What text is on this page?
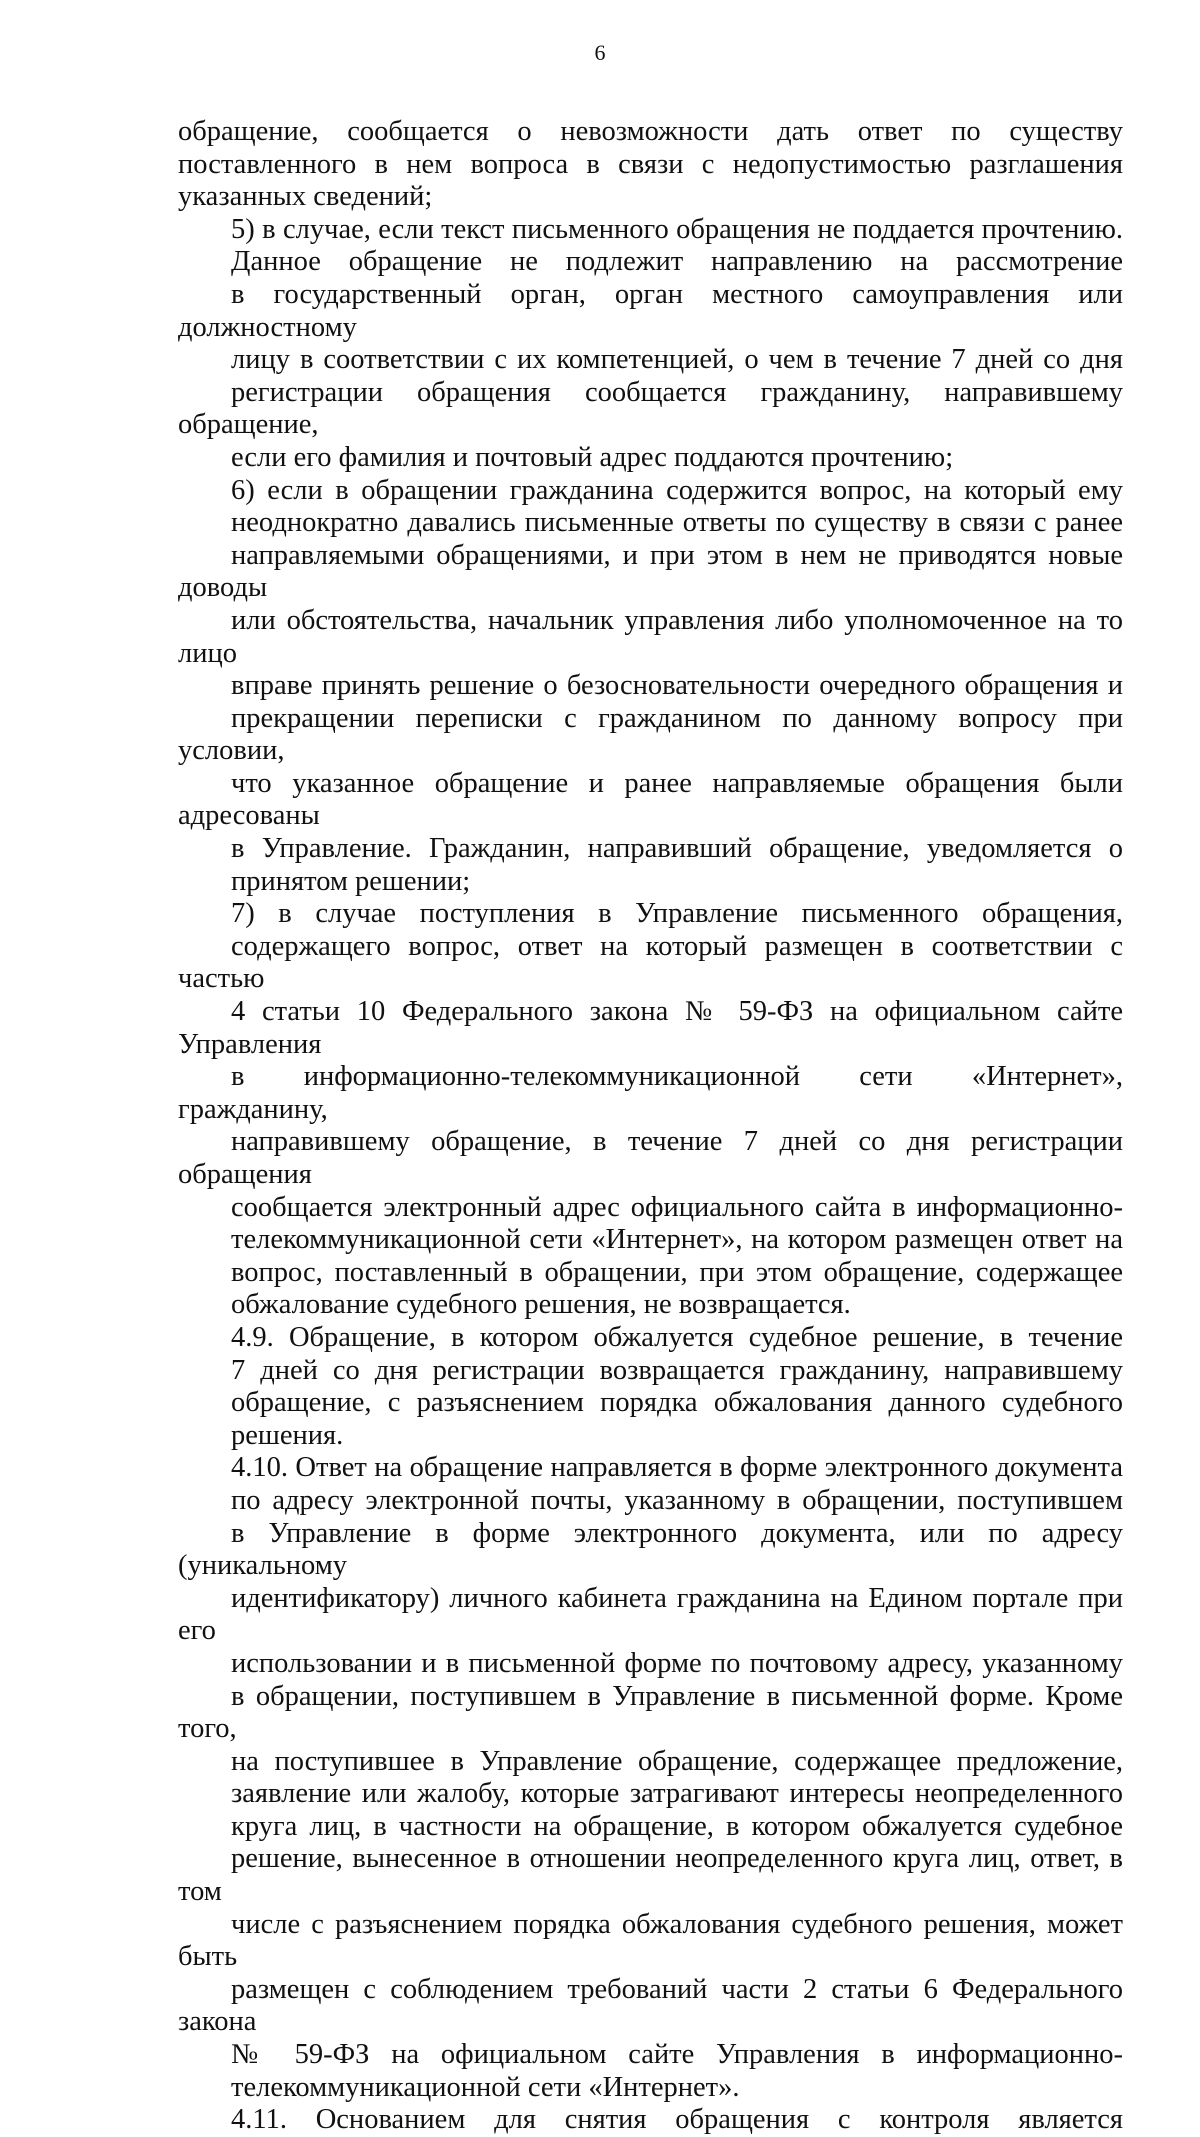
6

обращение, сообщается о невозможности дать ответ по существу
поставленного в нем вопроса в связи с недопустимостью разглашения
указанных сведений;

5) в случае, если текст письменного обращения не поддается прочтению.
Данное обращение не подлежит направлению на рассмотрение
в государственный орган, орган местного самоуправления или должностному
лицу в соответствии с их компетенцией, о чем в течение 7 дней со дня
регистрации обращения сообщается гражданину, направившему обращение,
если его фамилия и почтовый адрес поддаются прочтению;

6) если в обращении гражданина содержится вопрос, на который ему
неоднократно давались письменные ответы по существу в связи с ранее
направляемыми обращениями, и при этом в нем не приводятся новые доводы
или обстоятельства, начальник управления либо уполномоченное на то лицо
вправе принять решение о безосновательности очередного обращения и
прекращении переписки с гражданином по данному вопросу при условии,
что указанное обращение и ранее направляемые обращения были адресованы
в Управление. Гражданин, направивший обращение, уведомляется о
принятом решении;

7) в случае поступления в Управление письменного обращения,
содержащего вопрос, ответ на который размещен в соответствии с частью
4 статьи 10 Федерального закона № 59-ФЗ на официальном сайте Управления
в информационно-телекоммуникационной сети «Интернет», гражданину,
направившему обращение, в течение 7 дней со дня регистрации обращения
сообщается электронный адрес официального сайта в информационно-
телекоммуникационной сети «Интернет», на котором размещен ответ на
вопрос, поставленный в обращении, при этом обращение, содержащее
обжалование судебного решения, не возвращается.

4.9. Обращение, в котором обжалуется судебное решение, в течение
7 дней со дня регистрации возвращается гражданину, направившему
обращение, с разъяснением порядка обжалования данного судебного
решения.

4.10. Ответ на обращение направляется в форме электронного документа
по адресу электронной почты, указанному в обращении, поступившем
в Управление в форме электронного документа, или по адресу (уникальному
идентификатору) личного кабинета гражданина на Едином портале при его
использовании и в письменной форме по почтовому адресу, указанному
в обращении, поступившем в Управление в письменной форме. Кроме того,
на поступившее в Управление обращение, содержащее предложение,
заявление или жалобу, которые затрагивают интересы неопределенного
круга лиц, в частности на обращение, в котором обжалуется судебное
решение, вынесенное в отношении неопределенного круга лиц, ответ, в том
числе с разъяснением порядка обжалования судебного решения, может быть
размещен с соблюдением требований части 2 статьи 6 Федерального закона
№ 59-ФЗ на официальном сайте Управления в информационно-
телекоммуникационной сети «Интернет».

4.11. Основанием для снятия обращения с контроля является
